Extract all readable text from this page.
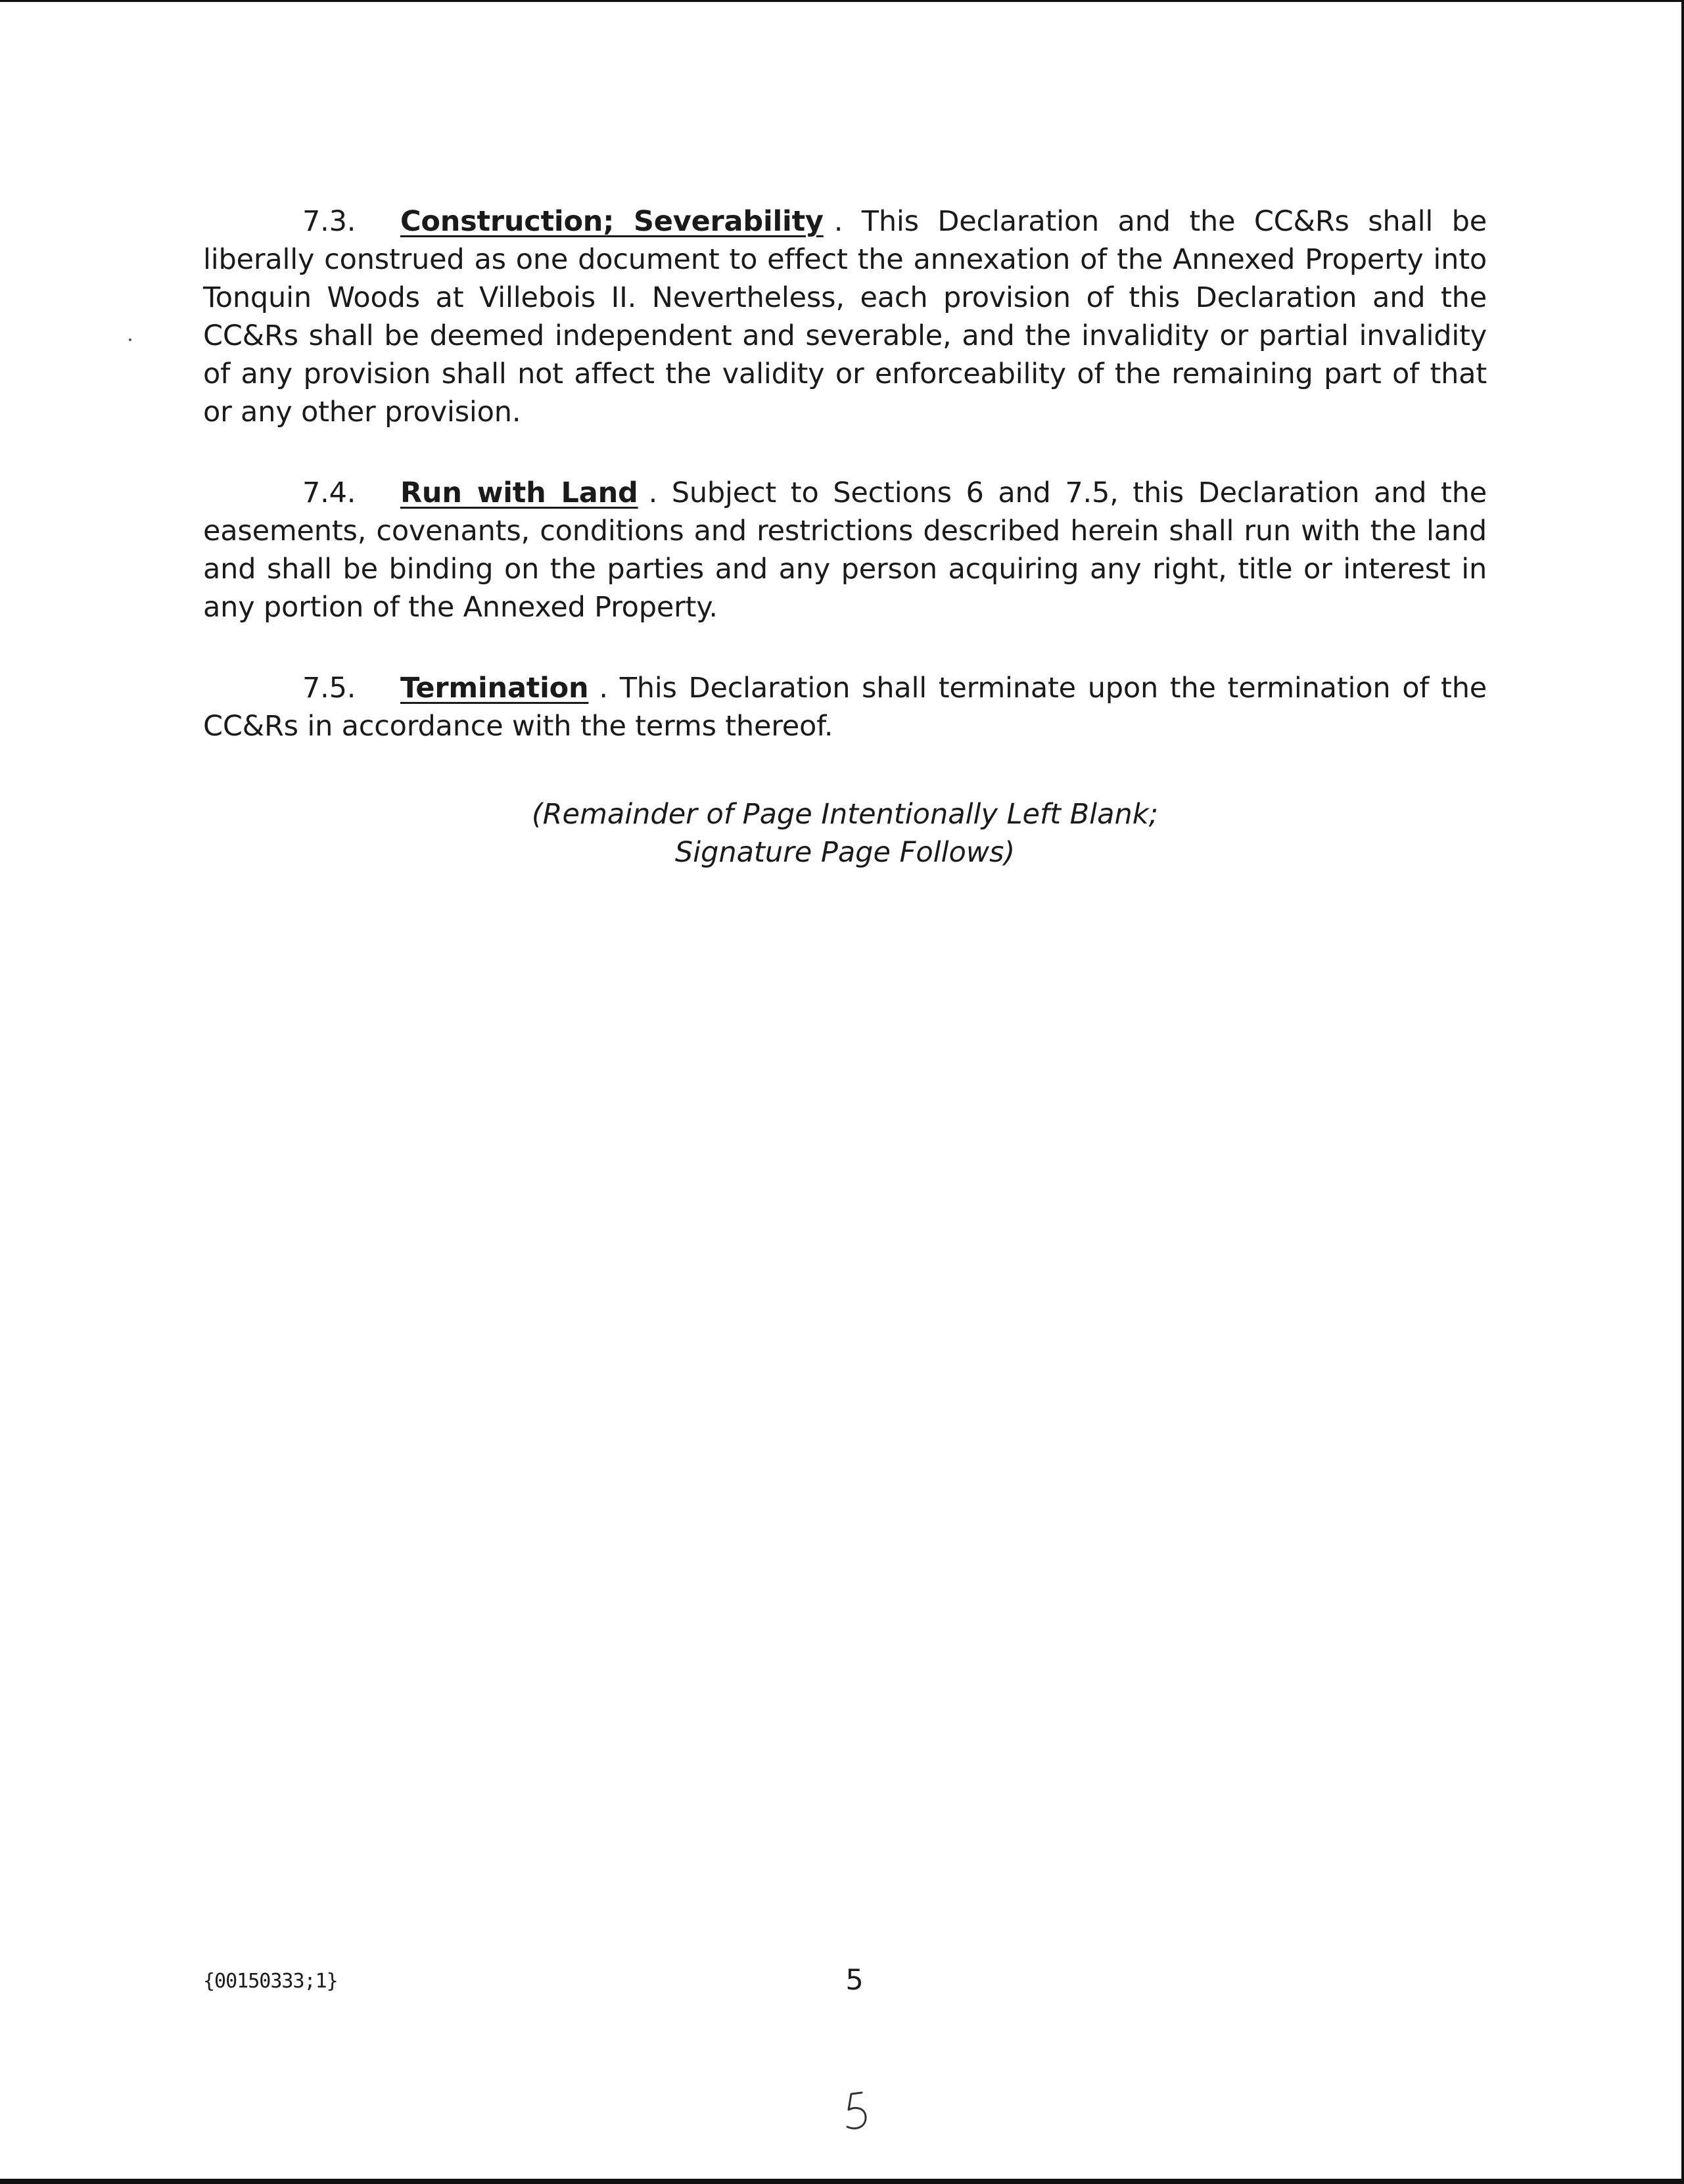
7.3. Construction; Severability . This Declaration and the CC&Rs shall be liberally construed as one document to effect the annexation of the Annexed Property into Tonquin Woods at Villebois II. Nevertheless, each provision of this Declaration and the CC&Rs shall be deemed independent and severable, and the invalidity or partial invalidity of any provision shall not affect the validity or enforceability of the remaining part of that or any other provision.

7.4. Run with Land . Subject to Sections 6 and 7.5, this Declaration and the easements, covenants, conditions and restrictions described herein shall run with the land and shall be binding on the parties and any person acquiring any right, title or interest in any portion of the Annexed Property.

7.5. Termination . This Declaration shall terminate upon the termination of the CC&Rs in accordance with the terms thereof.

(Remainder of Page Intentionally Left Blank;
Signature Page Follows)
{00150333;1}	5
